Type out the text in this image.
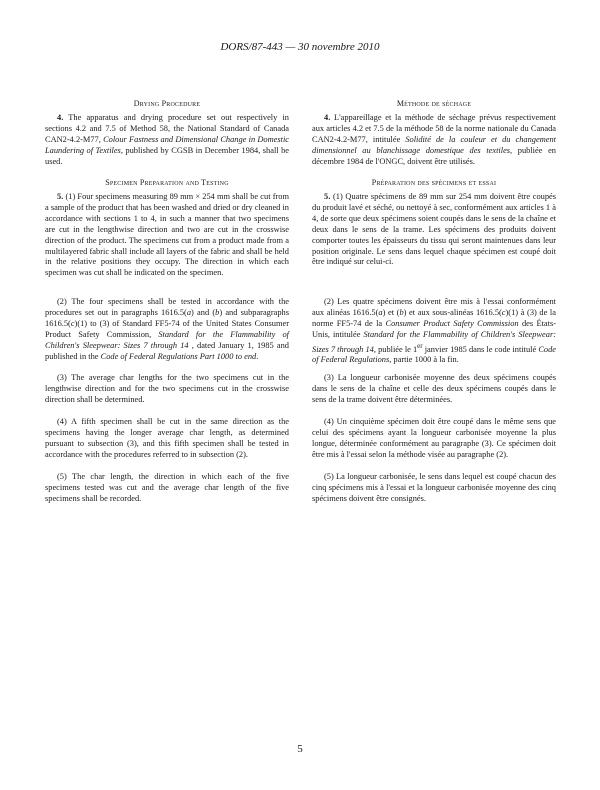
DORS/87-443 — 30 novembre 2010
Drying Procedure

4. The apparatus and drying procedure set out respectively in sections 4.2 and 7.5 of Method 58, the National Standard of Canada CAN2-4.2-M77, Colour Fastness and Dimensional Change in Domestic Laundering of Textiles, published by CGSB in December 1984, shall be used.

Specimen Preparation and Testing

5. (1) Four specimens measuring 89 mm × 254 mm shall be cut from a sample of the product that has been washed and dried or dry cleaned in accordance with sections 1 to 4, in such a manner that two specimens are cut in the lengthwise direction and two are cut in the crosswise direction of the product. The specimens cut from a product made from a multilayered fabric shall include all layers of the fabric and shall be held in the relative positions they occupy. The direction in which each specimen was cut shall be indicated on the specimen.

(2) The four specimens shall be tested in accordance with the procedures set out in paragraphs 1616.5(a) and (b) and subparagraphs 1616.5(c)(1) to (3) of Standard FF5-74 of the United States Consumer Product Safety Commission, Standard for the Flammability of Children's Sleepwear: Sizes 7 through 14 , dated January 1, 1985 and published in the Code of Federal Regulations Part 1000 to end.

(3) The average char lengths for the two specimens cut in the lengthwise direction and for the two specimens cut in the crosswise direction shall be determined.

(4) A fifth specimen shall be cut in the same direction as the specimens having the longer average char length, as determined pursuant to subsection (3), and this fifth specimen shall be tested in accordance with the procedures referred to in subsection (2).

(5) The char length, the direction in which each of the five specimens tested was cut and the average char length of the five specimens shall be recorded.

Méthode de séchage

4. L'appareillage et la méthode de séchage prévus respectivement aux articles 4.2 et 7.5 de la méthode 58 de la norme nationale du Canada CAN2-4.2-M77, intitulée Solidité de la couleur et du changement dimensionnel au blanchissage domestique des textiles, publiée en décembre 1984 de l'ONGC, doivent être utilisés.

Préparation des spécimens et essai

5. (1) Quatre spécimens de 89 mm sur 254 mm doivent être coupés du produit lavé et séché, ou nettoyé à sec, conformément aux articles 1 à 4, de sorte que deux spécimens soient coupés dans le sens de la chaîne et deux dans le sens de la trame. Les spécimens des produits doivent comporter toutes les épaisseurs du tissu qui seront maintenues dans leur position originale. Le sens dans lequel chaque spécimen est coupé doit être indiqué sur celui-ci.

(2) Les quatre spécimens doivent être mis à l'essai conformément aux alinéas 1616.5(a) et (b) et aux sous-alinéas 1616.5(c)(1) à (3) de la norme FF5-74 de la Consumer Product Safety Commission des États-Unis, intitulée Standard for the Flammability of Children's Sleepwear: Sizes 7 through 14, publiée le 1er janvier 1985 dans le code intitulé Code of Federal Regulations, partie 1000 à la fin.

(3) La longueur carbonisée moyenne des deux spécimens coupés dans le sens de la chaîne et celle des deux spécimens coupés dans le sens de la trame doivent être déterminées.

(4) Un cinquième spécimen doit être coupé dans le même sens que celui des spécimens ayant la longueur carbonisée moyenne la plus longue, déterminée conformément au paragraphe (3). Ce spécimen doit être mis à l'essai selon la méthode visée au paragraphe (2).

(5) La longueur carbonisée, le sens dans lequel est coupé chacun des cinq spécimens mis à l'essai et la longueur carbonisée moyenne des cinq spécimens doivent être consignés.

5
